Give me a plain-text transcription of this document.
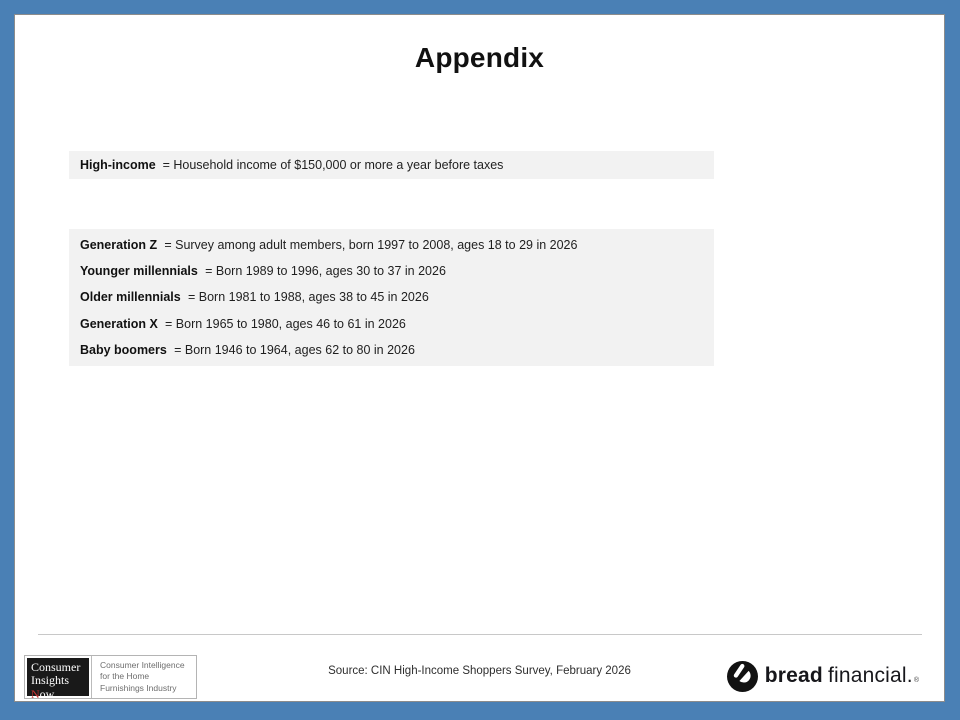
Appendix
High-income = Household income of $150,000 or more a year before taxes
Generation Z = Survey among adult members, born 1997 to 2008, ages 18 to 29 in 2026
Younger millennials = Born 1989 to 1996, ages 30 to 37 in 2026
Older millennials = Born 1981 to 1988, ages 38 to 45 in 2026
Generation X = Born 1965 to 1980, ages 46 to 61 in 2026
Baby boomers = Born 1946 to 1964, ages 62 to 80 in 2026
Consumer
Insights
Now
Consumer Intelligence
for the Home
Furnishings Industry
Source: CIN High-Income Shoppers Survey, February 2026	bread financial.®
